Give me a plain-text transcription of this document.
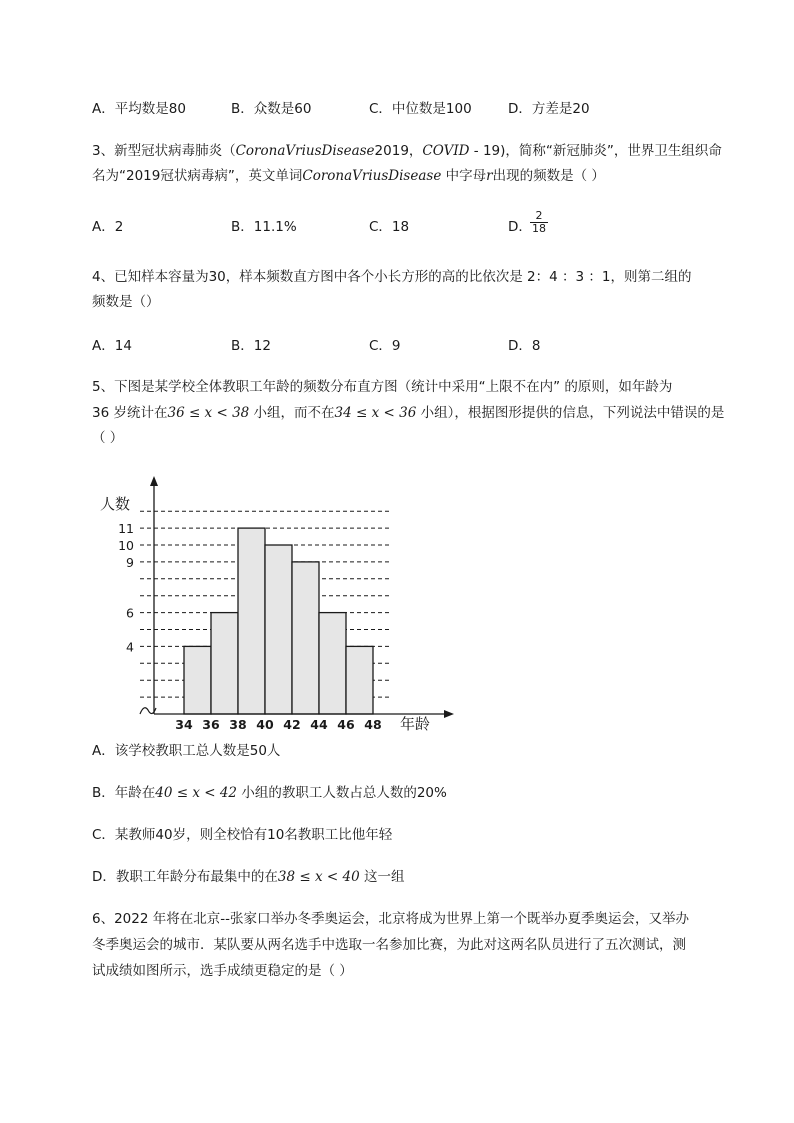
A．平均数是80	B．众数是60	C．中位数是100	D．方差是20
3、新型冠状病毒肺炎（CoronaVriusDisease2019，COVID - 19)，简称“新冠肺炎”，世界卫生组织命
名为“2019冠状病毒病”，英文单词CoronaVriusDisease 中字母r出现的频数是（ ）
A．2	B．11.1%	C．18	D．
$\frac{2}{18}$
4、已知样本容量为30，样本频数直方图中各个小长方形的高的比依次是 2：4 ：3 ：1，则第二组的
频数是（）
A．14	B．12	C．9	D．8
5、下图是某学校全体教职工年龄的频数分布直方图（统计中采用“上限不在内” 的原则，如年龄为
36 岁统计在36 ≤ x < 38 小组，而不在34 ≤ x < 36 小组），根据图形提供的信息，下列说法中错误的是
（ ）
4
6
9
10
11
34 36 38 40 42 44 46 48
人数
年龄
A．该学校教职工总人数是50人
B．年龄在40 ≤ x < 42 小组的教职工人数占总人数的20%
C．某教师40岁，则全校恰有10名教职工比他年轻
D．教职工年龄分布最集中的在38 ≤ x < 40 这一组
6、2022 年将在北京--张家口举办冬季奥运会，北京将成为世界上第一个既举办夏季奥运会，又举办
冬季奥运会的城市．某队要从两名选手中选取一名参加比赛，为此对这两名队员进行了五次测试，测
试成绩如图所示，选手成绩更稳定的是（ ）
